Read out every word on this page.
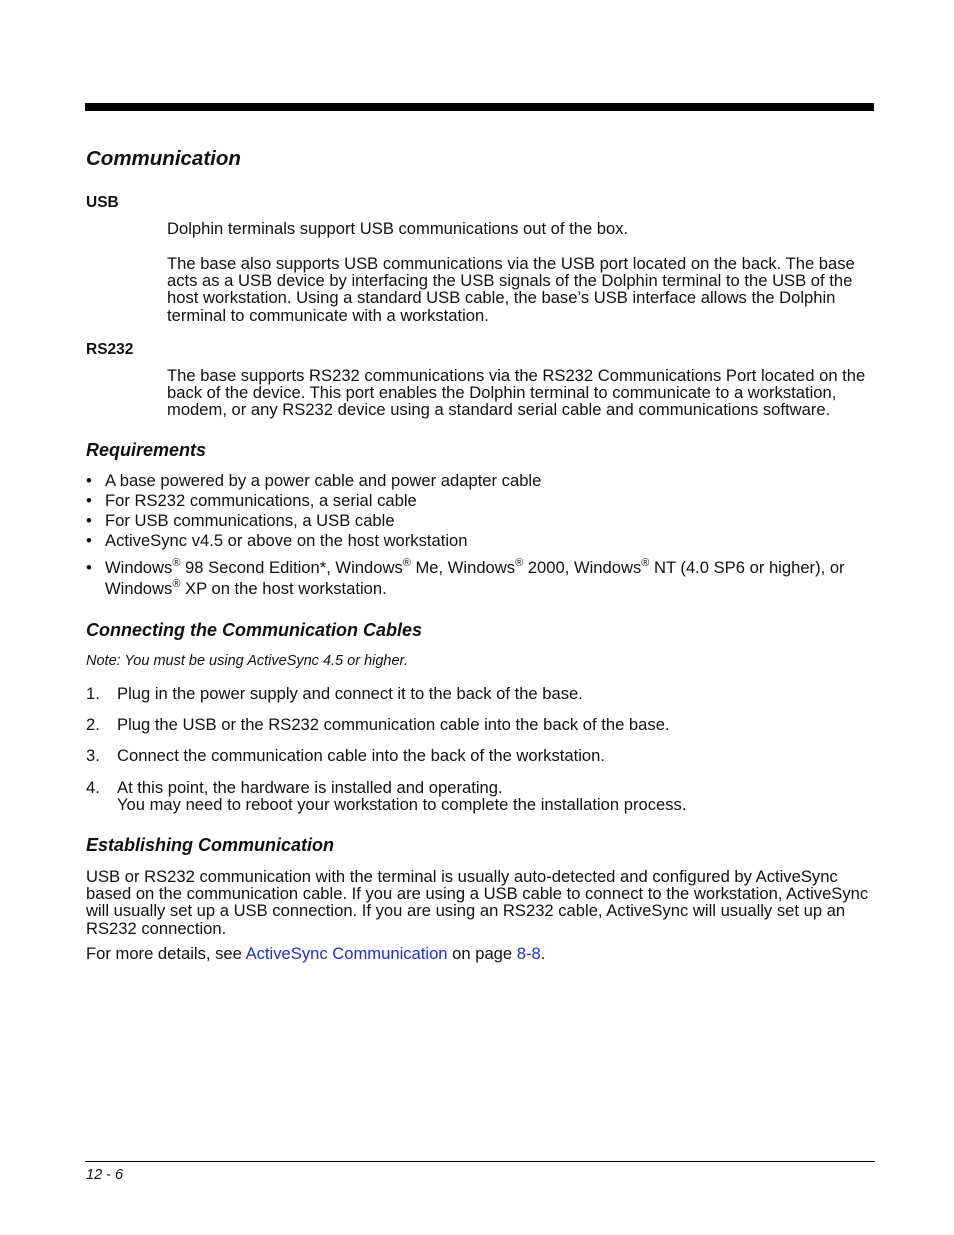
Communication
USB

Dolphin terminals support USB communications out of the box.

The base also supports USB communications via the USB port located on the back. The base acts as a USB device by interfacing the USB signals of the Dolphin terminal to the USB of the host workstation. Using a standard USB cable, the base’s USB interface allows the Dolphin terminal to communicate with a workstation.

RS232

The base supports RS232 communications via the RS232 Communications Port located on the back of the device. This port enables the Dolphin terminal to communicate to a workstation, modem, or any RS232 device using a standard serial cable and communications software.

Requirements
• A base powered by a power cable and power adapter cable
• For RS232 communications, a serial cable
• For USB communications, a USB cable
• ActiveSync v4.5 or above on the host workstation
• Windows® 98 Second Edition*, Windows® Me, Windows® 2000, Windows® NT (4.0 SP6 or higher), or
Windows® XP on the host workstation.
Connecting the Communication Cables

Note: You must be using ActiveSync 4.5 or higher.

1. Plug in the power supply and connect it to the back of the base.
2. Plug the USB or the RS232 communication cable into the back of the base.
3. Connect the communication cable into the back of the workstation.
4. At this point, the hardware is installed and operating.
You may need to reboot your workstation to complete the installation process.
Establishing Communication

USB or RS232 communication with the terminal is usually auto-detected and configured by ActiveSync based on the communication cable. If you are using a USB cable to connect to the workstation, ActiveSync will usually set up a USB connection. If you are using an RS232 cable, ActiveSync will usually set up an RS232 connection.

For more details, see ActiveSync Communication on page 8-8.

12 - 6
